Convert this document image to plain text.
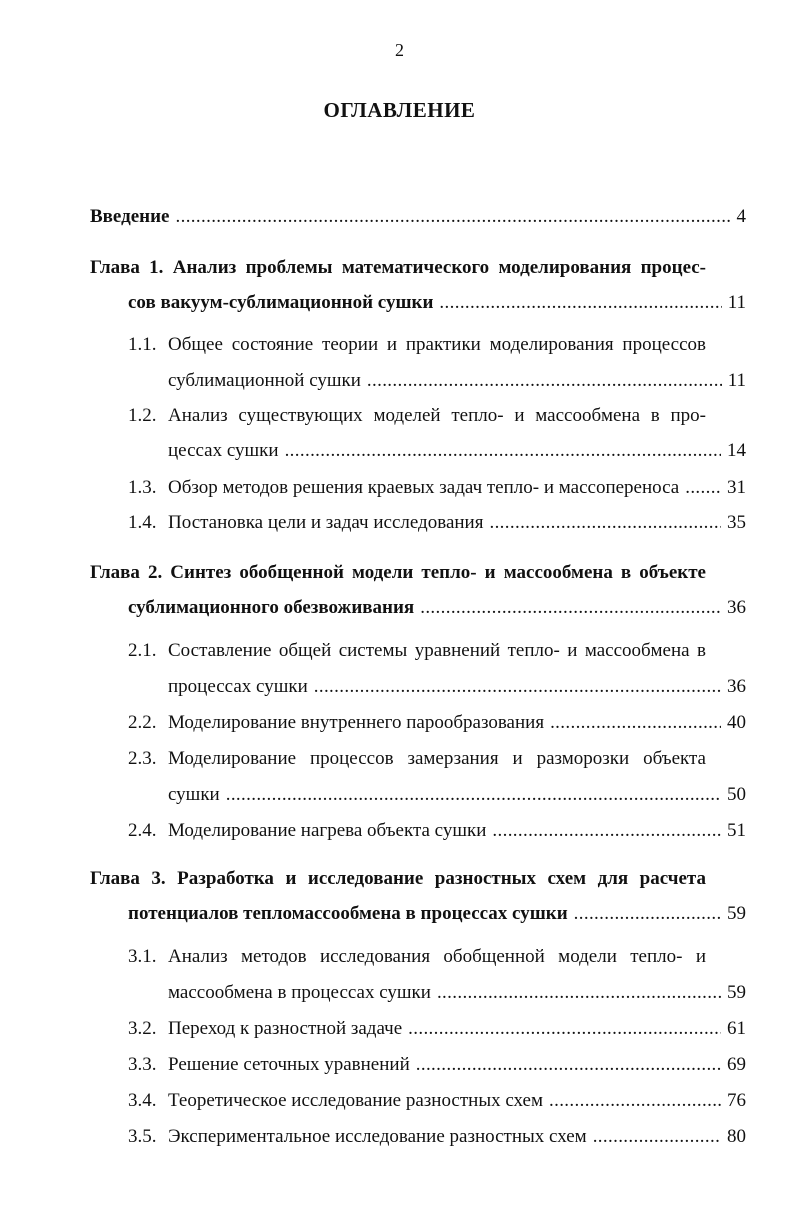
2
ОГЛАВЛЕНИЕ
Введение . . .	4
Глава 1. Анализ проблемы математического моделирования процес-
сов вакуум-сублимационной сушки . . .	11
1.1. Общее состояние теории и практики моделирования процессов
сублимационной сушки . . .	11
1.2. Анализ существующих моделей тепло- и массообмена в про-
цессах сушки . . .	14
1.3. Обзор методов решения краевых задач тепло- и массопереноса . . .	31
1.4. Постановка цели и задач исследования . . .	35
Глава 2. Синтез обобщенной модели тепло- и массообмена в объекте
сублимационного обезвоживания . . .	36
2.1. Составление общей системы уравнений тепло- и массообмена в
процессах сушки . . .	36
2.2. Моделирование внутреннего парообразования . . .	40
2.3. Моделирование процессов замерзания и разморозки объекта
сушки . . .	50
2.4. Моделирование нагрева объекта сушки . . .	51
Глава 3. Разработка и исследование разностных схем для расчета
потенциалов тепломассообмена в процессах сушки . . .	59
3.1. Анализ методов исследования обобщенной модели тепло- и
массообмена в процессах сушки . . .	59
3.2. Переход к разностной задаче . . .	61
3.3. Решение сеточных уравнений . . .	69
3.4. Теоретическое исследование разностных схем . . .	76
3.5. Экспериментальное исследование разностных схем . . .	80
